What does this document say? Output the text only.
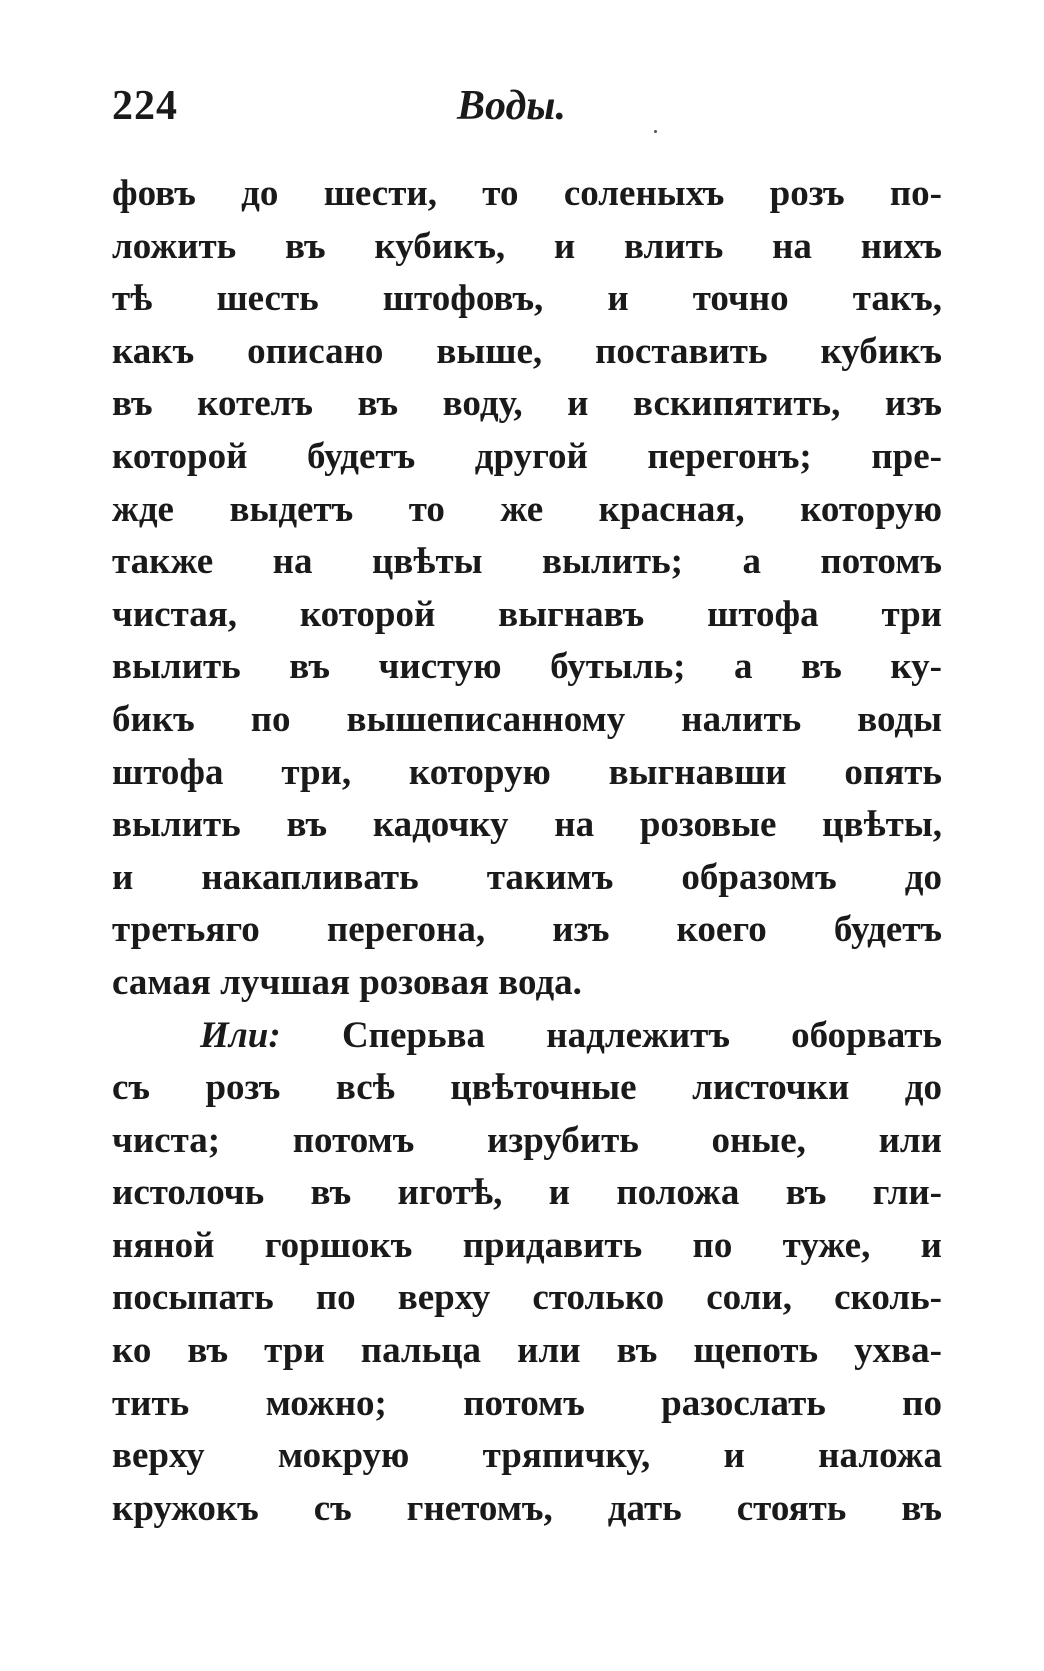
224	Воды.
фовъ до шести, то соленыхъ розъ по-
ложить въ кубикъ, и влить на нихъ
тѣ шесть штофовъ, и точно такъ,
какъ описано выше, поставить кубикъ
въ котелъ въ воду, и вскипятить, изъ
которой будетъ другой перегонъ; пре-
жде выдетъ то же красная, которую
также на цвѣты вылить; а потомъ
чистая, которой выгнавъ штофа три
вылить въ чистую бутыль; а въ ку-
бикъ по вышеписанному налить воды
штофа три, которую выгнавши опять
вылить въ кадочку на розовые цвѣты,
и накапливать такимъ образомъ до
третьяго перегона, изъ коего будетъ
самая лучшая розовая вода.
Или: Сперьва надлежитъ оборвать
съ розъ всѣ цвѣточные листочки до
чиста; потомъ изрубить оные, или
истолочь въ иготѣ, и положа въ гли-
няной горшокъ придавить по туже, и
посыпать по верху столько соли, сколь-
ко въ три пальца или въ щепоть ухва-
тить можно; потомъ разослать по
верху мокрую тряпичку, и наложа
кружокъ съ гнетомъ, дать стоять въ
